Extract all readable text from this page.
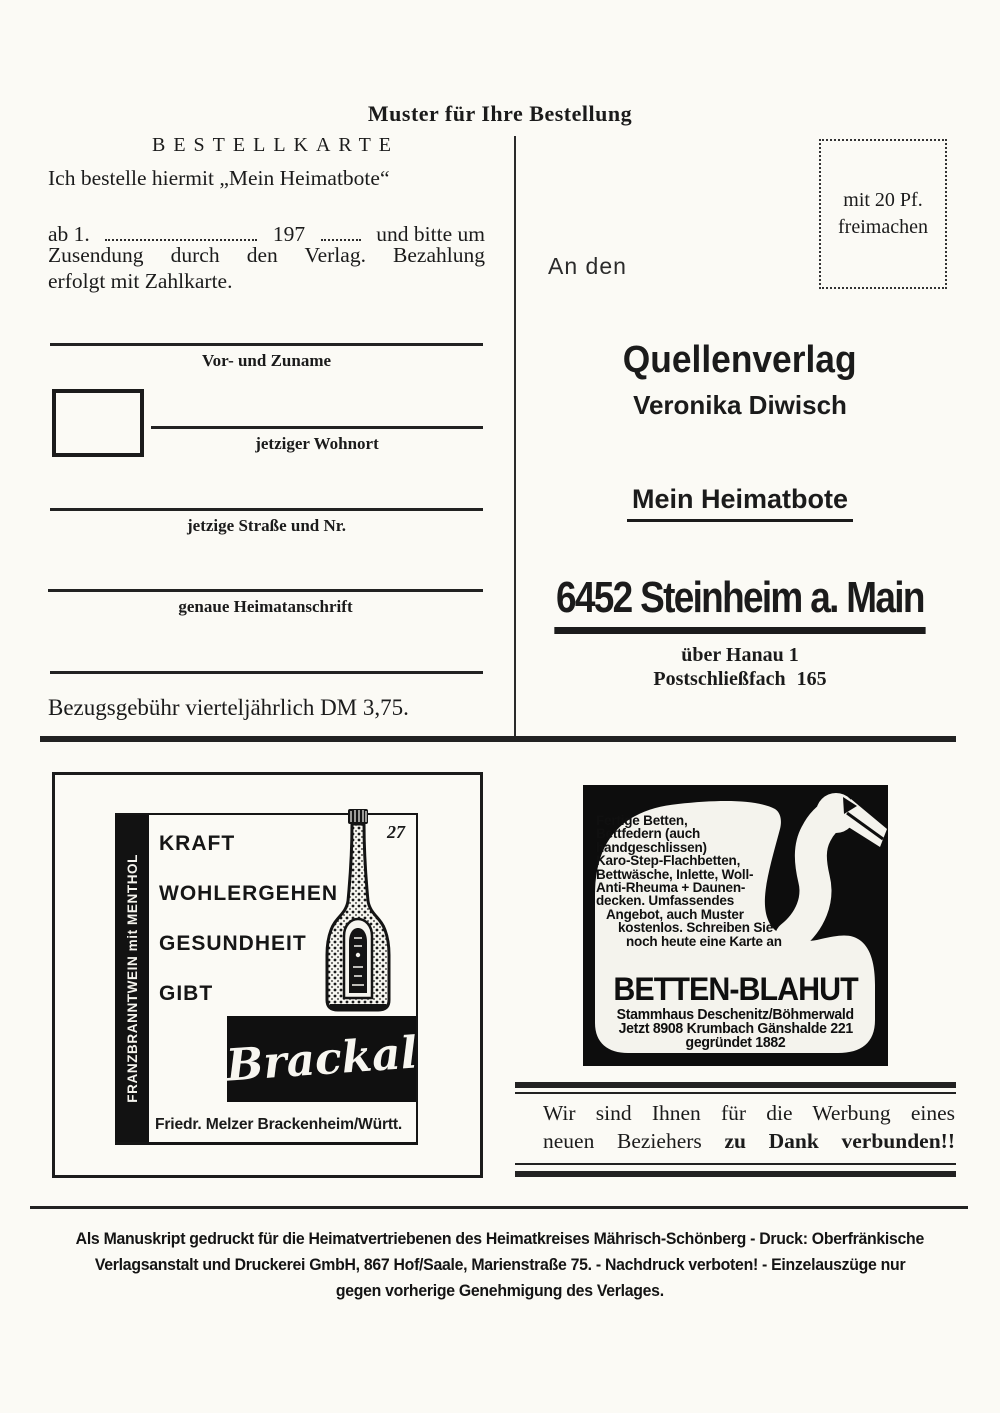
Muster für Ihre Bestellung
BESTELLKARTE
Ich bestelle hiermit „Mein Heimatbote“
ab 1.	197	und bitte um
Zusendung durch den Verlag. Bezahlung
erfolgt mit Zahlkarte.
Vor- und Zuname
jetziger Wohnort
jetzige Straße und Nr.
genaue Heimatanschrift
Bezugsgebühr vierteljährlich DM 3,75.
mit 20 Pf.
freimachen
An den
Quellenverlag
Veronika Diwisch
Mein Heimatbote
6452 Steinheim a. Main
über Hanau 1
Postschließfach 165
FRANZBRANNTWEIN mit MENTHOL
KRAFT
WOHLERGEHEN
GESUNDHEIT
GIBT
27
Brackal
Friedr. Melzer Brackenheim/Württ.
Fertige Betten,
Bettfedern (auch
handgeschlissen)
Karo-Step-Flachbetten,
Bettwäsche, Inlette, Woll-
Anti-Rheuma + Daunen-
decken. Umfassendes
Angebot, auch Muster
kostenlos. Schreiben Sie
noch heute eine Karte an
BETTEN-BLAHUT
Stammhaus Deschenitz/Böhmerwald
Jetzt 8908 Krumbach Gänshalde 221
gegründet 1882
Wir sind Ihnen für die Werbung eines
neuen Beziehers zu Dank verbunden!!
Als Manuskript gedruckt für die Heimatvertriebenen des Heimatkreises Mährisch-Schönberg - Druck: Oberfränkische
Verlagsanstalt und Druckerei GmbH, 867 Hof/Saale, Marienstraße 75. - Nachdruck verboten! - Einzelauszüge nur
gegen vorherige Genehmigung des Verlages.
